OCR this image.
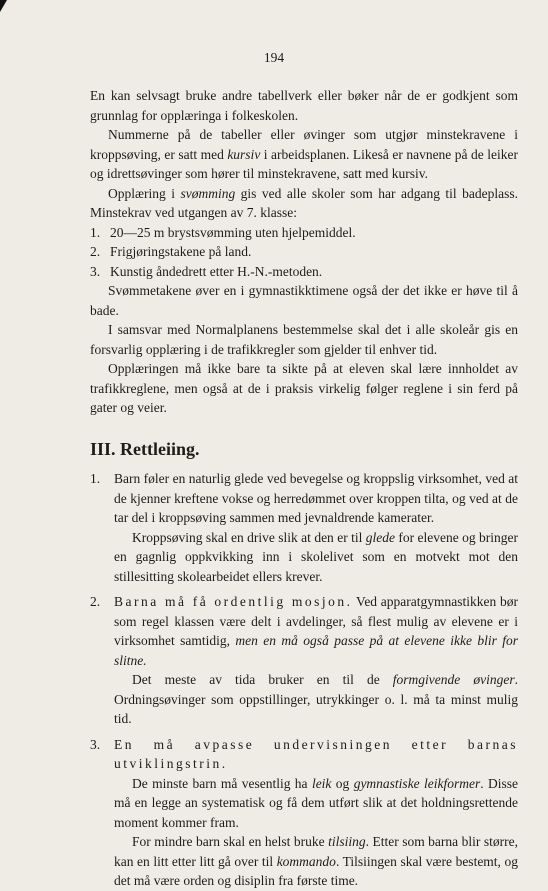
194

En kan selvsagt bruke andre tabellverk eller bøker når de er godkjent som grunnlag for opplæringa i folkeskolen.

Nummerne på de tabeller eller øvinger som utgjør minstekravene i kroppsøving, er satt med kursiv i arbeidsplanen. Likeså er navnene på de leiker og idrettsøvinger som hører til minstekravene, satt med kursiv.

Opplæring i svømming gis ved alle skoler som har adgang til badeplass. Minstekrav ved utgangen av 7. klasse:

1. 20—25 m brystsvømming uten hjelpemiddel.
2. Frigjøringstakene på land.
3. Kunstig åndedrett etter H.-N.-metoden.

Svømmetakene øver en i gymnastikktimene også der det ikke er høve til å bade.

I samsvar med Normalplanens bestemmelse skal det i alle skoleår gis en forsvarlig opplæring i de trafikkregler som gjelder til enhver tid.

Opplæringen må ikke bare ta sikte på at eleven skal lære innholdet av trafikkreglene, men også at de i praksis virkelig følger reglene i sin ferd på gater og veier.

III. Rettleiing.
1.	Barn føler en naturlig glede ved bevegelse og kroppslig virksomhet, ved at de kjenner kreftene vokse og herredømmet over kroppen tilta, og ved at de tar del i kroppsøving sammen med jevnaldrende kamerater.

Kroppsøving skal en drive slik at den er til glede for elevene og bringer en gagnlig oppkvikking inn i skolelivet som en motvekt mot den stillesitting skolearbeidet ellers krever.

2.	Barna må få ordentlig mosjon. Ved apparatgymnastikken bør som regel klassen være delt i avdelinger, så flest mulig av elevene er i virksomhet samtidig, men en må også passe på at elevene ikke blir for slitne.

Det meste av tida bruker en til de formgivende øvinger. Ordningsøvinger som oppstillinger, utrykkinger o. l. må ta minst mulig tid.

3.	En må avpasse undervisningen etter barnas utviklingstrin.

De minste barn må vesentlig ha leik og gymnastiske leikformer. Disse må en legge an systematisk og få dem utført slik at det holdningsrettende moment kommer fram.

For mindre barn skal en helst bruke tilsiing. Etter som barna blir større, kan en litt etter litt gå over til kommando. Tilsiingen skal være bestemt, og det må være orden og disiplin fra første time.
